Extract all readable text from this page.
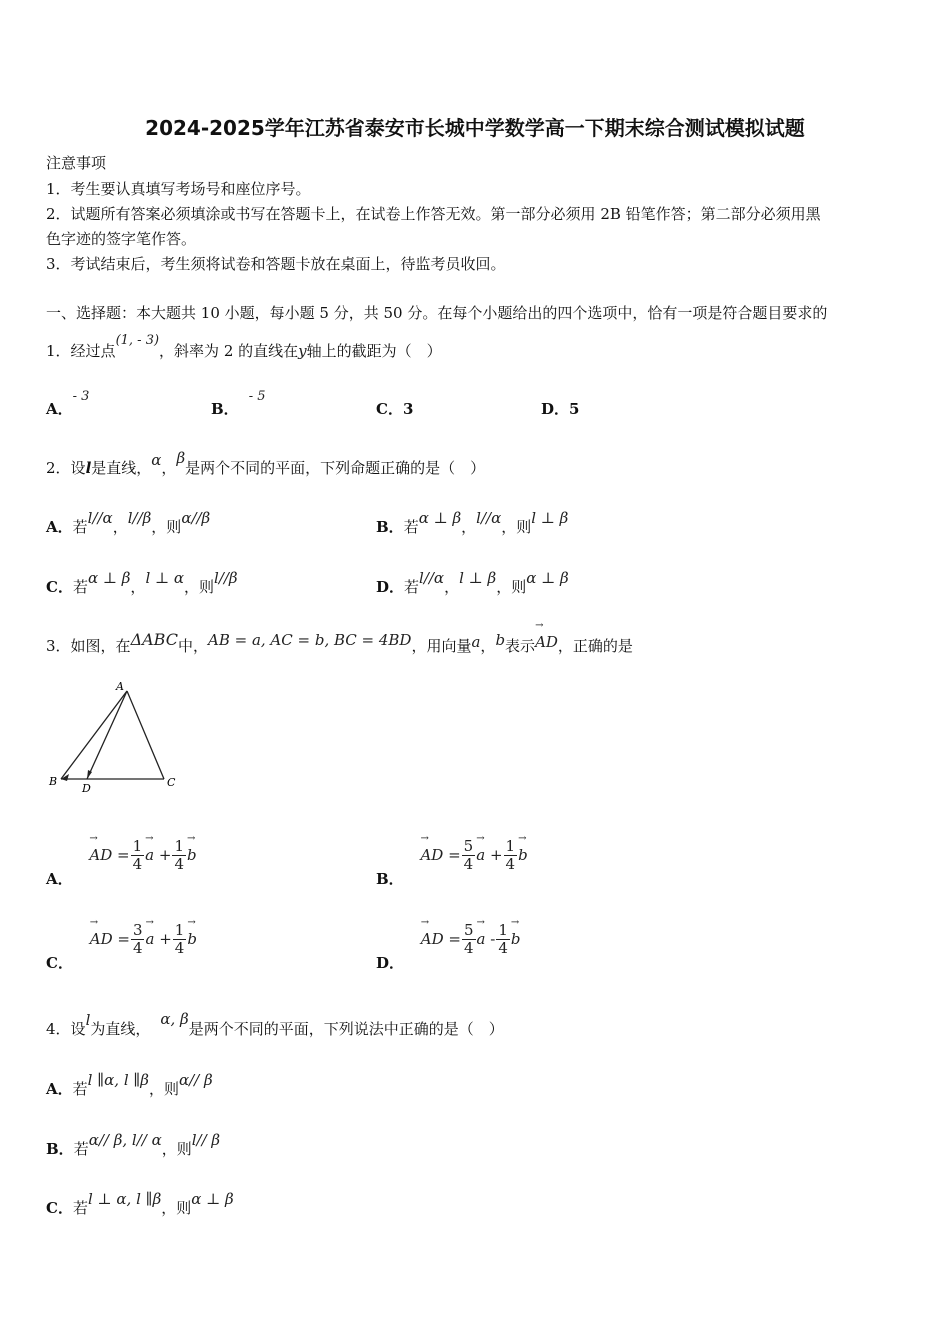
2024-2025学年江苏省泰安市长城中学数学高一下期末综合测试模拟试题
注意事项
1．考生要认真填写考场号和座位序号。
2．试题所有答案必须填涂或书写在答题卡上，在试卷上作答无效。第一部分必须用 2B 铅笔作答；第二部分必须用黑
色字迹的签字笔作答。
3．考试结束后，考生须将试卷和答题卡放在桌面上，待监考员收回。
一、选择题：本大题共 10 小题，每小题 5 分，共 50 分。在每个小题给出的四个选项中，恰有一项是符合题目要求的
1．经过点(1, - 3)，斜率为 2 的直线在y轴上的截距为（　）
A．- 3
B．- 5
C．3	D．5
2．设l是直线，α，β是两个不同的平面，下列命题正确的是（　）
A．若l//α，l//β，则α//β	B．若α ⊥ β，l//α，则l ⊥ β
C．若α ⊥ β，l ⊥ α，则l//β	D．若l//α，l ⊥ β，则α ⊥ β
3．如图，在ΔABC中，AB = a, AC = b, BC = 4BD，用向量a，b表示→ AD，正确的是
A
B
D	C
A． → AD = $\frac{1}{4}$
→ $a + \frac{1}{4}$
→ b
B． → AD = $\frac{5}{4}$
→ $a + \frac{1}{4}$
→ b
C． → AD = $\frac{3}{4}$
→ $a + \frac{1}{4}$
→ b
D． → AD = $\frac{5}{4}$
→ a - $\frac{1}{4}$
→ b
4．设l为直线，α, β是两个不同的平面，下列说法中正确的是（　）
A．若l ∥α, l ∥β，则α// β
B．若α// β, l// α，则l// β
C．若l ⊥ α, l ∥β，则α ⊥ β
